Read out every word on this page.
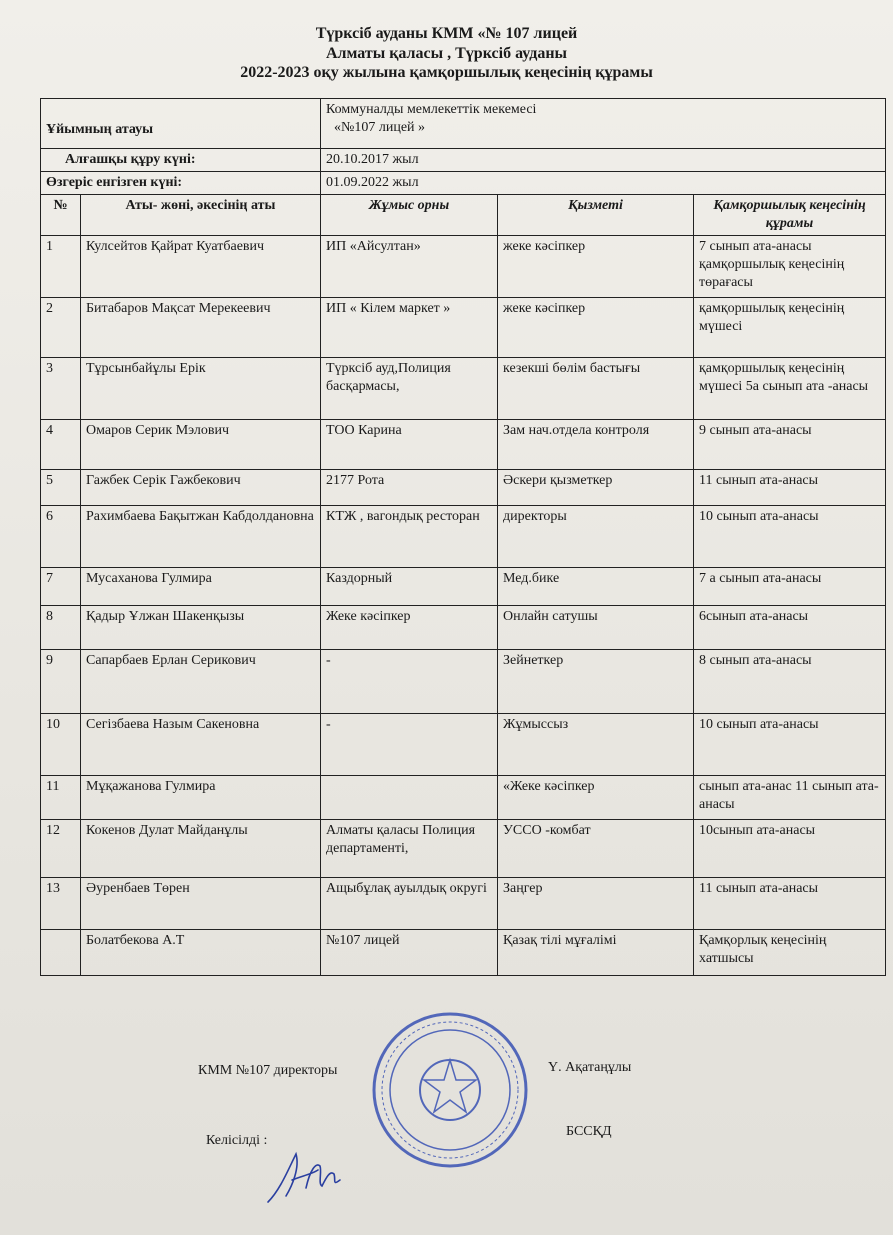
Түрксіб ауданы КММ «№ 107 лицей
Алматы қаласы , Түрксіб ауданы
2022-2023 оқу жылына қамқоршылық кеңесінің құрамы
Ұйымның атауы		Коммуналды мемлекеттік мекемесі
«№107 лицей »		

Алғашқы құру күні:		20.10.2017 жыл		
Өзгеріс енгізген күні:		01.09.2022 жыл		
№	Аты- жөні, әкесінің аты	Жұмыс орны	Қызметі	Қамқоршылық кеңесінің құрамы
1	Кулсейтов Қайрат Куатбаевич	ИП «Айсултан»	жеке кәсіпкер	7 сынып ата-анасы қамқоршылық кеңесінің төрағасы
2	Битабаров Мақсат Мерекеевич	ИП « Кілем маркет »	жеке кәсіпкер	қамқоршылық кеңесінің мүшесі
3	Тұрсынбайұлы Ерік	Түрксіб ауд,Полиция басқармасы,	кезекші бөлім бастығы	қамқоршылық кеңесінің мүшесі 5а сынып ата -анасы
4	Омаров Серик Мэлович	ТОО Карина	Зам нач.отдела контроля	9 сынып ата-анасы
5	Гажбек Серік Гажбекович	2177 Рота	Әскери қызметкер	11 сынып ата-анасы
6	Рахимбаева Бақытжан Кабдолдановна	КТЖ , вагондық ресторан	директоры	10 сынып ата-анасы
7	Мусаханова Гулмира	Каздорный	Мед.бике	7 а сынып ата-анасы
8	Қадыр Ұлжан Шакенқызы	Жеке кәсіпкер	Онлайн сатушы	6сынып ата-анасы
9	Сапарбаев Ерлан Серикович	-	Зейнеткер	8 сынып ата-анасы
10	Сегізбаева Назым Сакеновна	-	Жұмыссыз	10 сынып ата-анасы
11	Мұқажанова Гулмира		«Жеке кәсіпкер	сынып ата-анас 11 сынып ата-анасы
12	Кокенов Дулат Майданұлы	Алматы қаласы Полиция департаменті,	УССО -комбат	10сынып ата-анасы
13	Әуренбаев Төрен	Ащыбұлақ ауылдық округі	Заңгер	11 сынып ата-анасы
	Болатбекова А.Т	№107 лицей	Қазақ тілі мұғалімі	Қамқорлық кеңесінің хатшысы
КММ №107 директоры	Ү. Ақатаңұлы
Келісілді :
БССҚД
